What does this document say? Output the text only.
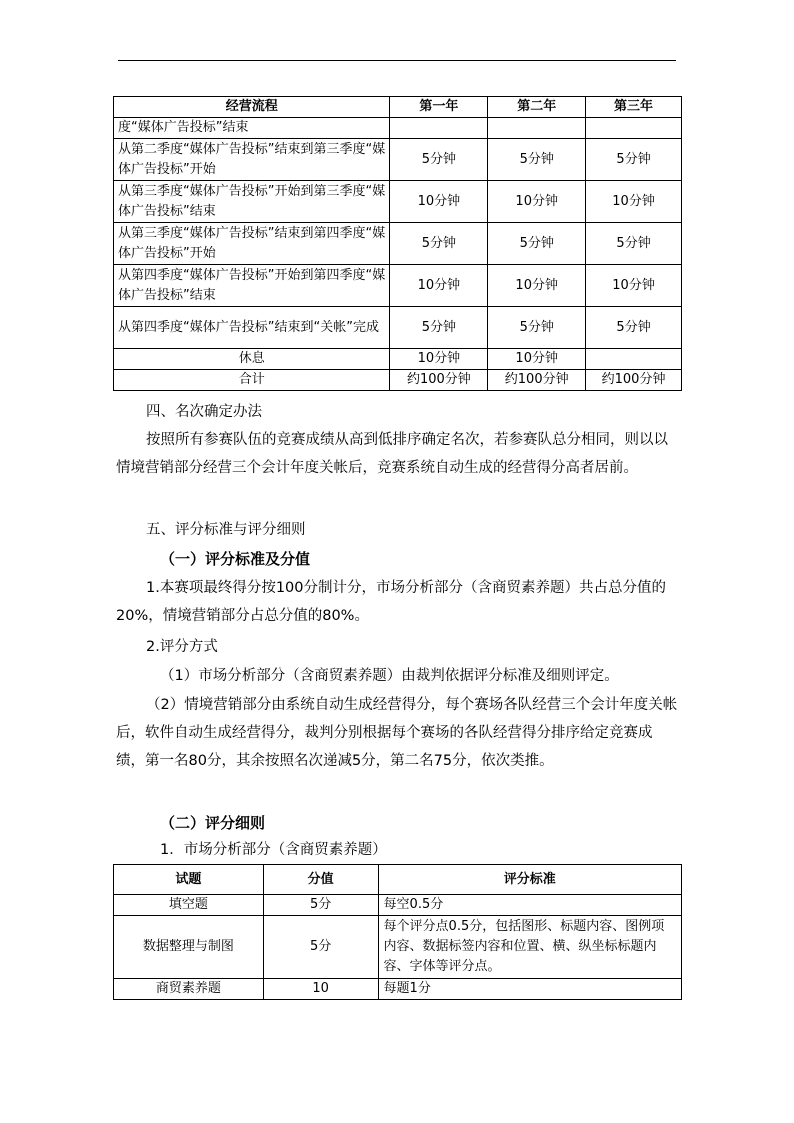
经营流程	第一年	第二年	第三年
度“媒体广告投标”结束			
从第二季度“媒体广告投标”结束到第三季度“媒体广告投标”开始	5分钟	5分钟	5分钟
从第三季度“媒体广告投标”开始到第三季度“媒体广告投标”结束	10分钟	10分钟	10分钟
从第三季度“媒体广告投标”结束到第四季度“媒体广告投标”开始	5分钟	5分钟	5分钟
从第四季度“媒体广告投标”开始到第四季度“媒体广告投标”结束	10分钟	10分钟	10分钟
从第四季度“媒体广告投标”结束到“关帐”完成	5分钟	5分钟	5分钟
休息	10分钟	10分钟	
合计	约100分钟	约100分钟	约100分钟

四、名次确定办法

按照所有参赛队伍的竞赛成绩从高到低排序确定名次，若参赛队总分相同，则以以情境营销部分经营三个会计年度关帐后，竞赛系统自动生成的经营得分高者居前。

五、评分标准与评分细则

（一）评分标准及分值

1.本赛项最终得分按100分制计分，市场分析部分（含商贸素养题）共占总分值的20%，情境营销部分占总分值的80%。

2.评分方式

（1）市场分析部分（含商贸素养题）由裁判依据评分标准及细则评定。

（2）情境营销部分由系统自动生成经营得分，每个赛场各队经营三个会计年度关帐后，软件自动生成经营得分，裁判分别根据每个赛场的各队经营得分排序给定竞赛成绩，第一名80分，其余按照名次递减5分，第二名75分，依次类推。

（二）评分细则

1．市场分析部分（含商贸素养题）

试题	分值	评分标准
填空题	5分	每空0.5分
数据整理与制图	5分	每个评分点0.5分，包括图形、标题内容、图例项内容、数据标签内容和位置、横、纵坐标标题内容、字体等评分点。
商贸素养题	10	每题1分
